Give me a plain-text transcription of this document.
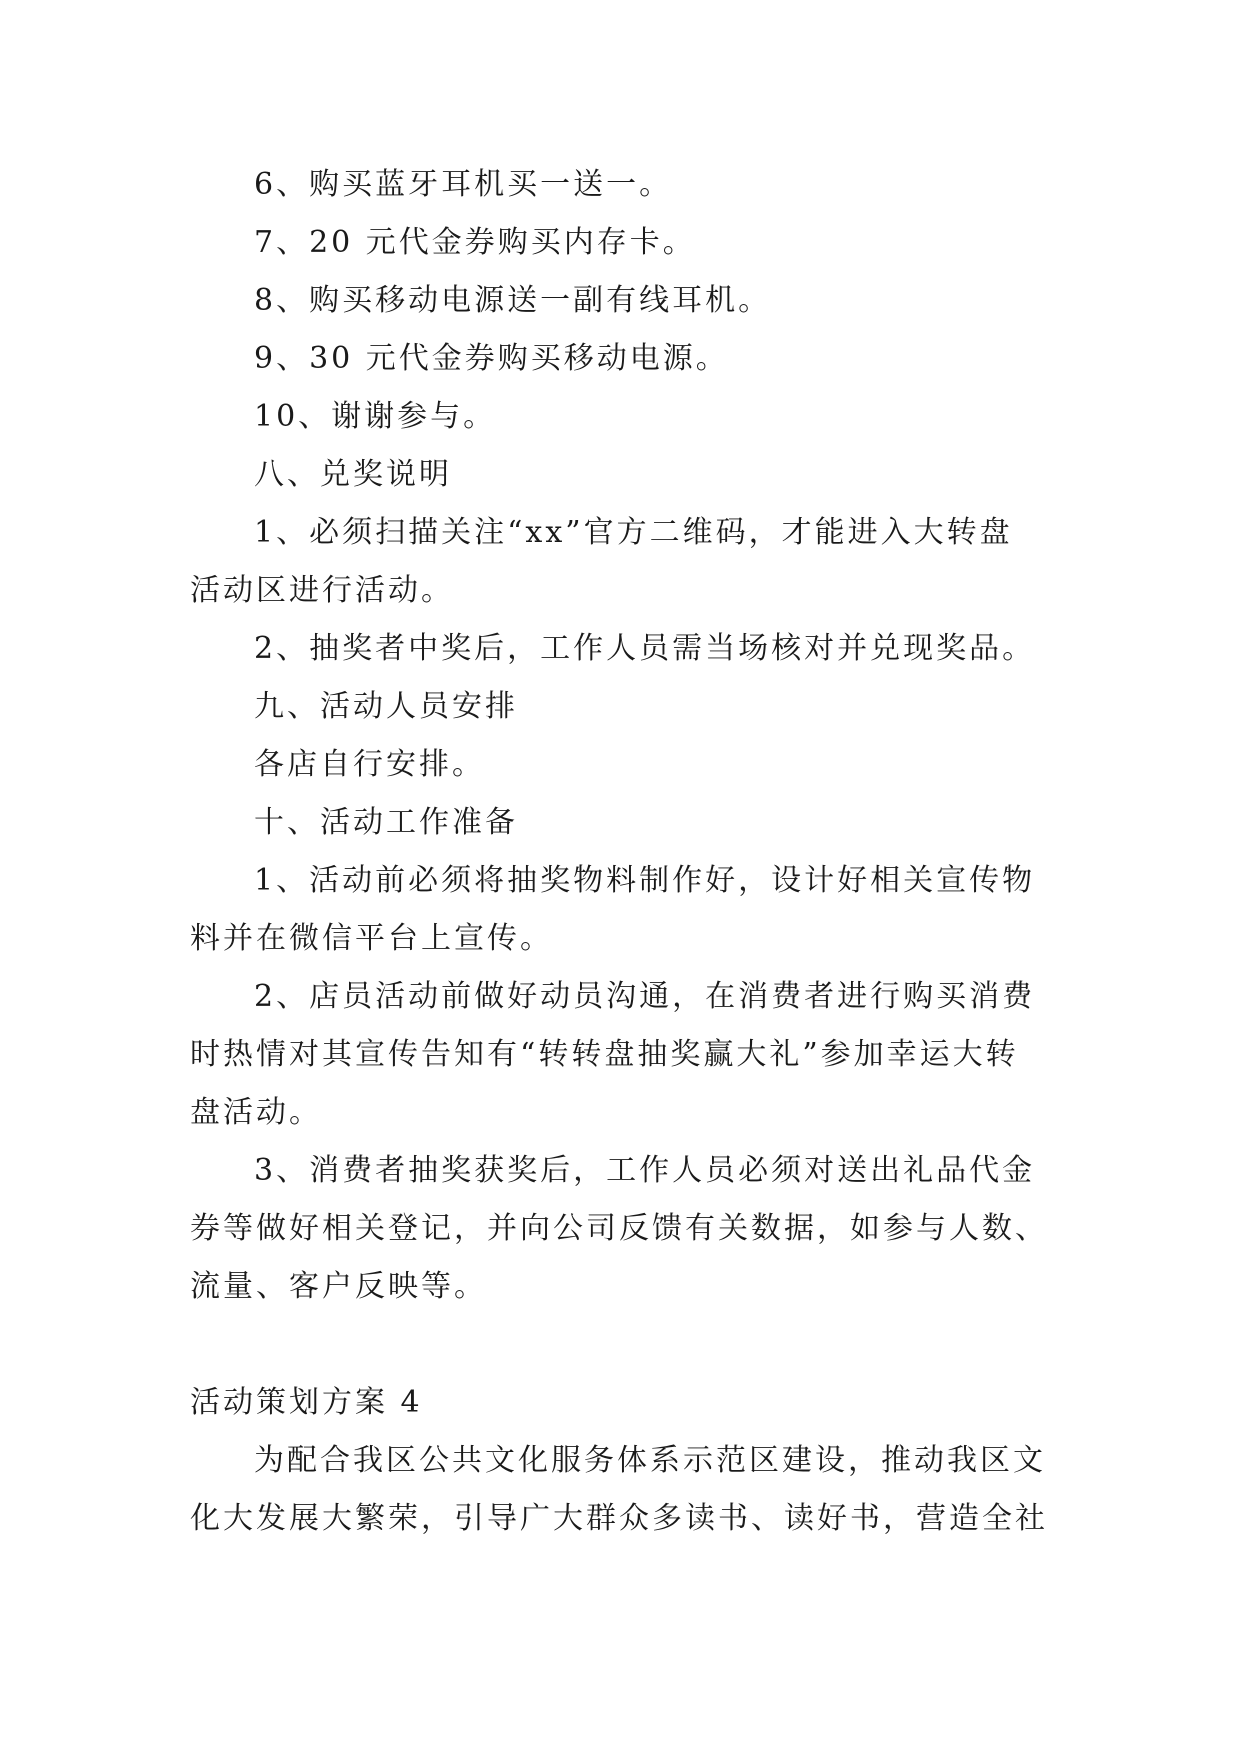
6、购买蓝牙耳机买一送一。
7、20 元代金券购买内存卡。
8、购买移动电源送一副有线耳机。
9、30 元代金券购买移动电源。
10、谢谢参与。
八、兑奖说明
1、必须扫描关注“xx”官方二维码，才能进入大转盘
活动区进行活动。
2、抽奖者中奖后，工作人员需当场核对并兑现奖品。
九、活动人员安排
各店自行安排。
十、活动工作准备
1、活动前必须将抽奖物料制作好，设计好相关宣传物
料并在微信平台上宣传。
2、店员活动前做好动员沟通，在消费者进行购买消费
时热情对其宣传告知有“转转盘抽奖赢大礼”参加幸运大转
盘活动。
3、消费者抽奖获奖后，工作人员必须对送出礼品代金
券等做好相关登记，并向公司反馈有关数据，如参与人数、
流量、客户反映等。
活动策划方案 4
为配合我区公共文化服务体系示范区建设，推动我区文
化大发展大繁荣，引导广大群众多读书、读好书，营造全社
